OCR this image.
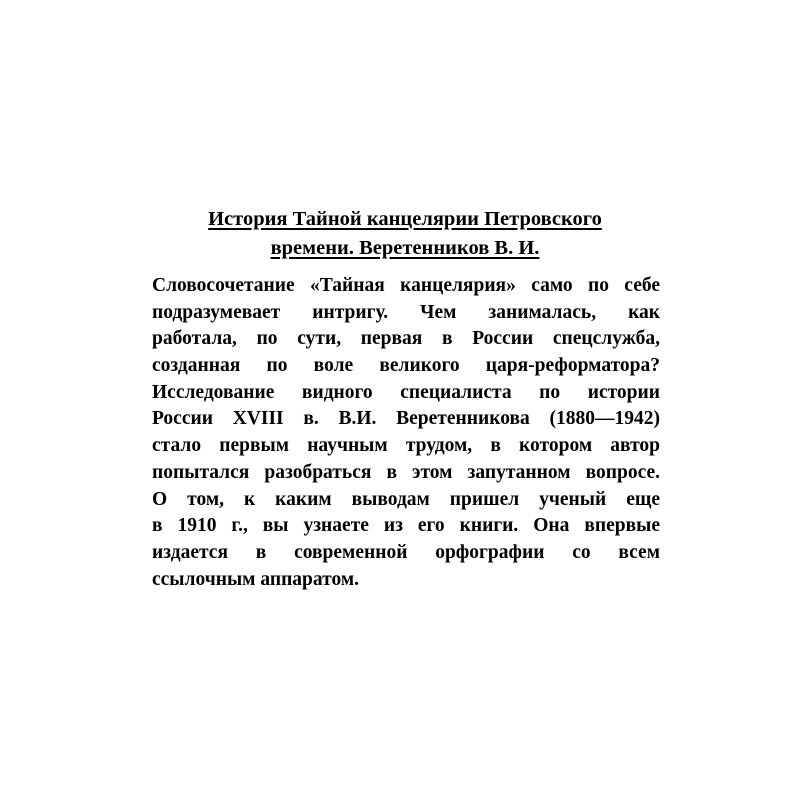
История Тайной канцелярии Петровского
времени. Веретенников В. И.
Словосочетание «Тайная канцелярия» само по себе
подразумевает интригу. Чем занималась, как
работала, по сути, первая в России спецслужба,
созданная по воле великого царя-реформатора?
Исследование видного специалиста по истории
России XVIII в. В.И. Веретенникова (1880—1942)
стало первым научным трудом, в котором автор
попытался разобраться в этом запутанном вопросе.
О том, к каким выводам пришел ученый еще
в 1910 г., вы узнаете из его книги. Она впервые
издается в современной орфографии со всем
ссылочным аппаратом.
